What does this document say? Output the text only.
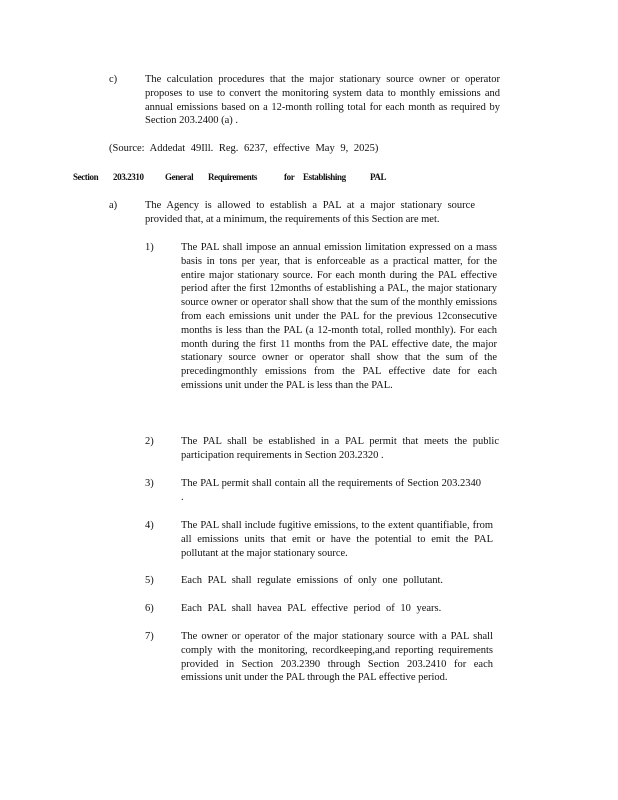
c)	The calculation procedures that the major stationary source owner or operator proposes to use to convert the monitoring system data to monthly emissions and annual emissions based on a 12-month rolling total for each month as required by Section 203.2400 (a) .
(Source: Addedat 49Ill. Reg. 6237, effective May 9, 2025)
Section 203.2310 General Requirements	for Establishing	PAL
a)	The Agency is allowed to establish a PAL at a major stationary source provided that, at a minimum, the requirements of this Section are met.
1)	The PAL shall impose an annual emission limitation expressed on a mass basis in tons per year, that is enforceable as a practical matter, for the entire major stationary source. For each month during the PAL effective period after the first 12months of establishing a PAL, the major stationary source owner or operator shall show that the sum of the monthly emissions from each emissions unit under the PAL for the previous 12consecutive months is less than the PAL (a 12-month total, rolled monthly). For each month during the first 11 months from the PAL effective date, the major stationary source owner or operator shall show that the sum of the precedingmonthly emissions from the PAL effective date for each emissions unit under the PAL is less than the PAL.
2)	The PAL shall be established in a PAL permit that meets the public participation requirements in Section 203.2320 .
3)	The PAL permit shall contain all the requirements of Section 203.2340 .
4)	The PAL shall include fugitive emissions, to the extent quantifiable, from all emissions units that emit or have the potential to emit the PAL pollutant at the major stationary source.
5)	Each PAL shall regulate emissions of only one pollutant.
6)	Each PAL shall havea PAL effective period of 10 years.
7)	The owner or operator of the major stationary source with a PAL shall comply with the monitoring, recordkeeping,and reporting requirements provided in Section 203.2390 through Section 203.2410 for each emissions unit under the PAL through the PAL effective period.
